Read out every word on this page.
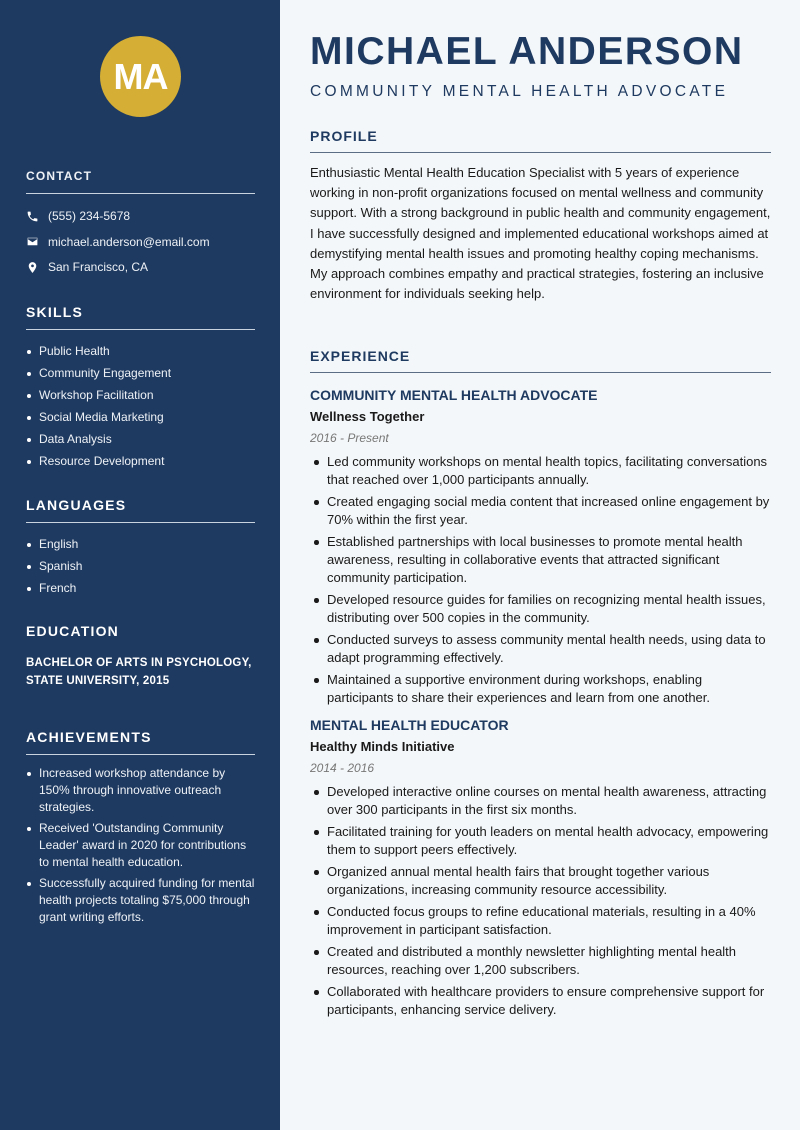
MA
CONTACT
(555) 234-5678
michael.anderson@email.com
San Francisco, CA
SKILLS
Public Health
Community Engagement
Workshop Facilitation
Social Media Marketing
Data Analysis
Resource Development
LANGUAGES
English
Spanish
French
EDUCATION
BACHELOR OF ARTS IN PSYCHOLOGY,
STATE UNIVERSITY, 2015
ACHIEVEMENTS
Increased workshop attendance by 150% through innovative outreach strategies.
Received 'Outstanding Community Leader' award in 2020 for contributions to mental health education.
Successfully acquired funding for mental health projects totaling $75,000 through grant writing efforts.
MICHAEL ANDERSON
COMMUNITY MENTAL HEALTH ADVOCATE
PROFILE

Enthusiastic Mental Health Education Specialist with 5 years of experience working in non-profit organizations focused on mental wellness and community support. With a strong background in public health and community engagement, I have successfully designed and implemented educational workshops aimed at demystifying mental health issues and promoting healthy coping mechanisms. My approach combines empathy and practical strategies, fostering an inclusive environment for individuals seeking help.

EXPERIENCE
COMMUNITY MENTAL HEALTH ADVOCATE
Wellness Together
2016 - Present
Led community workshops on mental health topics, facilitating conversations that reached over 1,000 participants annually.
Created engaging social media content that increased online engagement by 70% within the first year.
Established partnerships with local businesses to promote mental health awareness, resulting in collaborative events that attracted significant community participation.
Developed resource guides for families on recognizing mental health issues, distributing over 500 copies in the community.
Conducted surveys to assess community mental health needs, using data to adapt programming effectively.
Maintained a supportive environment during workshops, enabling participants to share their experiences and learn from one another.
MENTAL HEALTH EDUCATOR
Healthy Minds Initiative
2014 - 2016
Developed interactive online courses on mental health awareness, attracting over 300 participants in the first six months.
Facilitated training for youth leaders on mental health advocacy, empowering them to support peers effectively.
Organized annual mental health fairs that brought together various organizations, increasing community resource accessibility.
Conducted focus groups to refine educational materials, resulting in a 40% improvement in participant satisfaction.
Created and distributed a monthly newsletter highlighting mental health resources, reaching over 1,200 subscribers.
Collaborated with healthcare providers to ensure comprehensive support for participants, enhancing service delivery.
